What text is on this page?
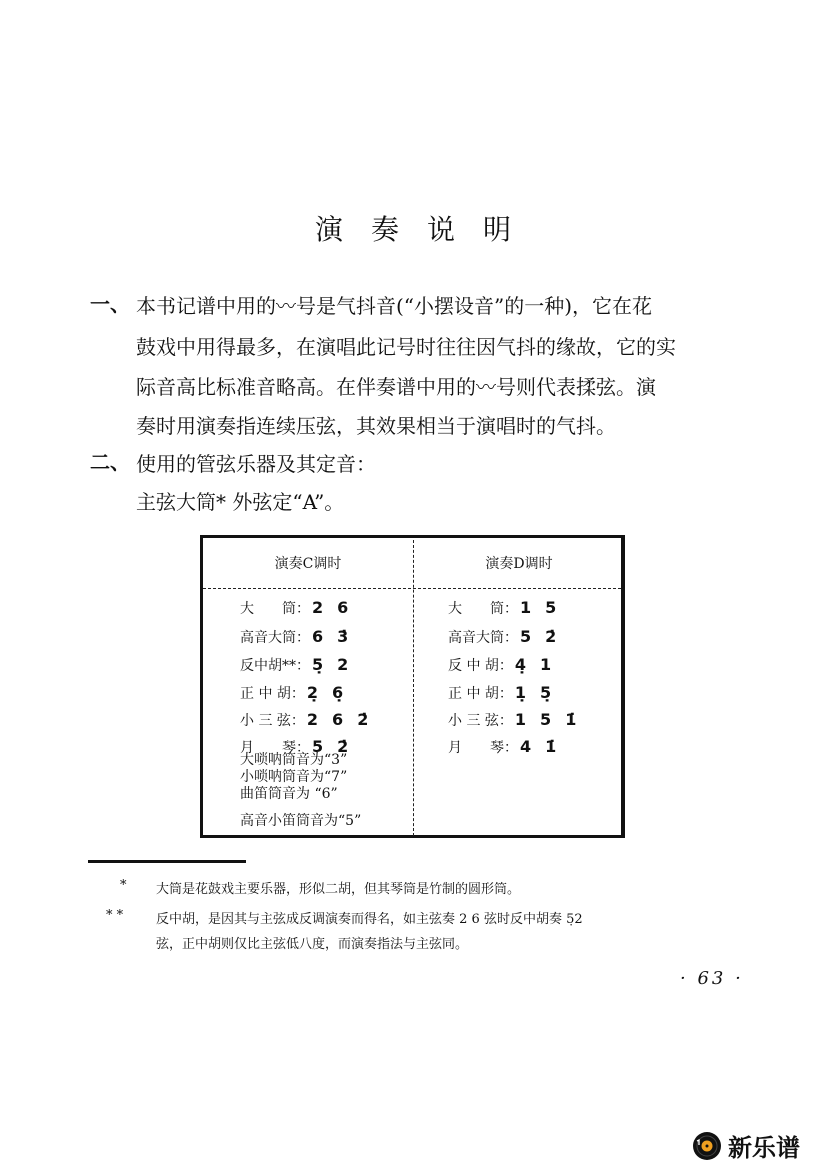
演奏说明
一、 本书记谱中用的〰号是气抖音(“小摆设音”的一种)，它在花
鼓戏中用得最多，在演唱此记号时往往因气抖的缘故，它的实
际音高比标准音略高。在伴奏谱中用的〰号则代表揉弦。演
奏时用演奏指连续压弦，其效果相当于演唱时的气抖。
二、 使用的管弦乐器及其定音：
主弦大筒* 外弦定“A”。
演奏C调时	演奏D调时
大　　筒： 2 6
高音大筒： 6 3̇
反中胡**： 5̣ 2
正 中 胡： 2̣ 6̣
小 三 弦： 2 6 2̇
月　　琴： 5 2̇
大　　筒： 1 5
高音大筒： 5 2̇
反 中 胡： 4̣ 1
正 中 胡： 1̣ 5̣
小 三 弦： 1 5 1̇
月　　琴： 4 1̇
大唢呐筒音为“3”
小唢呐筒音为“7”
曲笛筒音为 “6”
高音小笛筒音为“5”
* 大筒是花鼓戏主要乐器，形似二胡，但其琴筒是竹制的圆形筒。
* *	反中胡，是因其与主弦成反调演奏而得名，如主弦奏 2 6 弦时反中胡奏 5̣2
弦，正中胡则仅比主弦低八度，而演奏指法与主弦同。
· 63 ·
新乐谱
